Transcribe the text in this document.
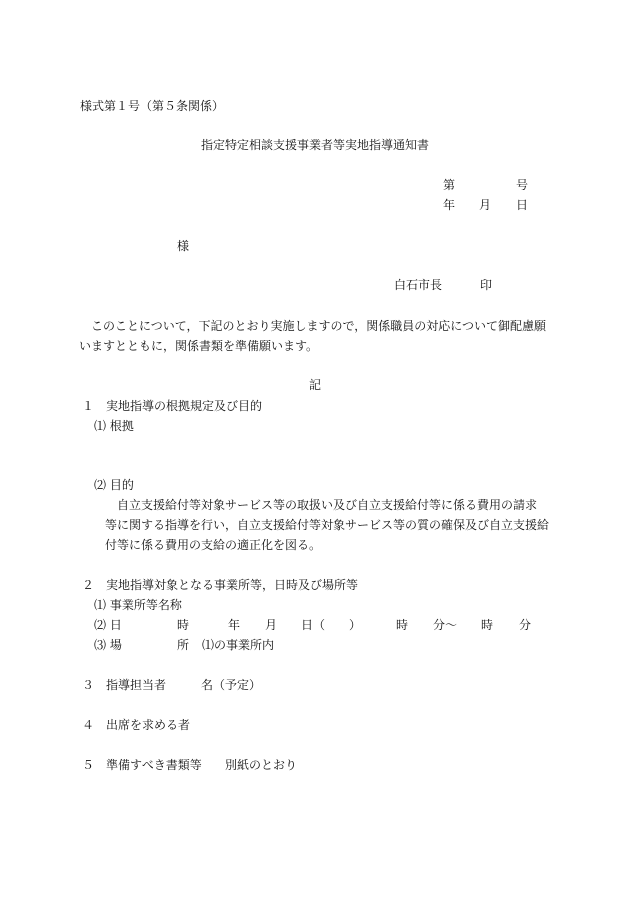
様式第１号（第５条関係）
指定特定相談支援事業者等実地指導通知書
第	号
年 月 日
様
白石市長	印
このことについて，下記のとおり実施しますので，関係職員の対応について御配慮願
いますとともに，関係書類を準備願います。
記
１　実地指導の根拠規定及び目的
⑴ 根拠
⑵ 目的
自立支援給付等対象サービス等の取扱い及び自立支援給付等に係る費用の請求
等に関する指導を行い，自立支援給付等対象サービス等の質の確保及び自立支援給
付等に係る費用の支給の適正化を図る。
２　実地指導対象となる事業所等，日時及び場所等
⑴ 事業所等名称
⑵ 日	時	年 月 日（　　）	時 分～ 時 分
⑶ 場	所 ⑴の事業所内
３　指導担当者	名（予定）
４　出席を求める者
５　準備すべき書類等 別紙のとおり
